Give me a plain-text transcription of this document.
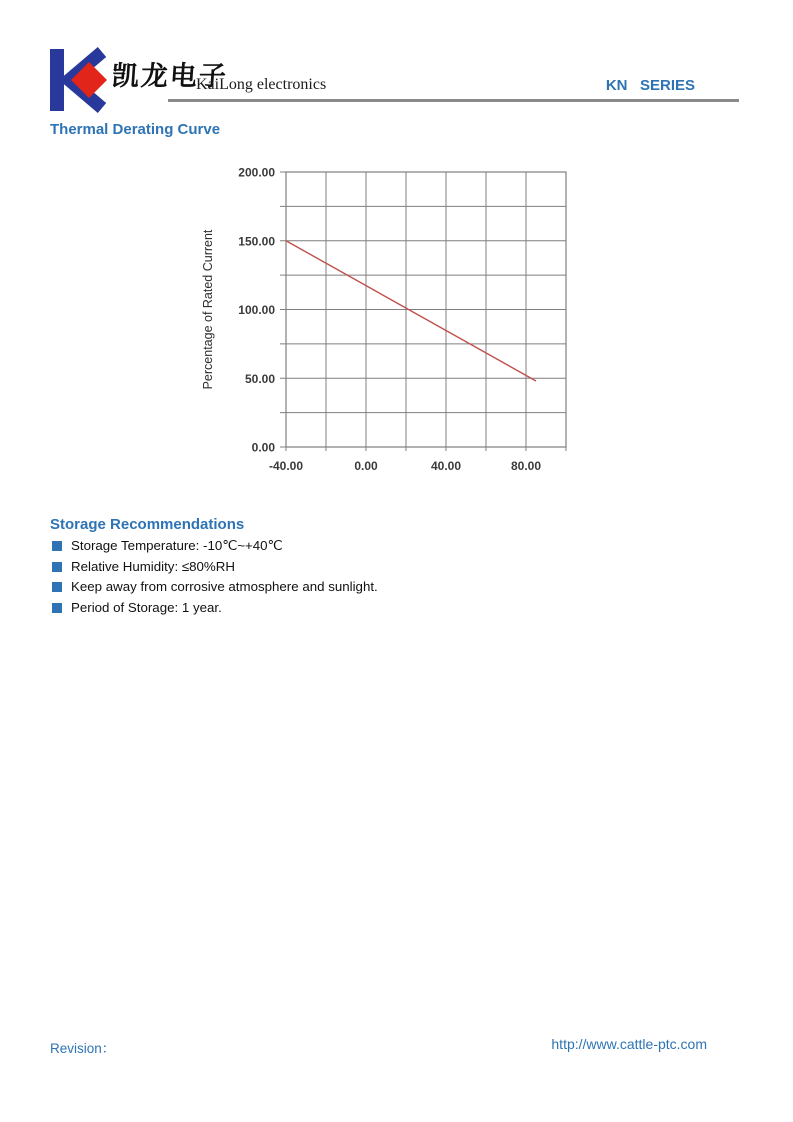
凯龙电子
KaiLong electronics	KN   SERIES
Thermal Derating Curve
0.00
50.00
100.00
150.00
200.00
-40.00	0.00	40.00	80.00
Percentage of Rated Current
Storage Recommendations
Storage Temperature: -10℃~+40℃
Relative Humidity: ≤80%RH
Keep away from corrosive atmosphere and sunlight.
Period of Storage: 1 year.
Revision：	http://www.cattle-ptc.com
